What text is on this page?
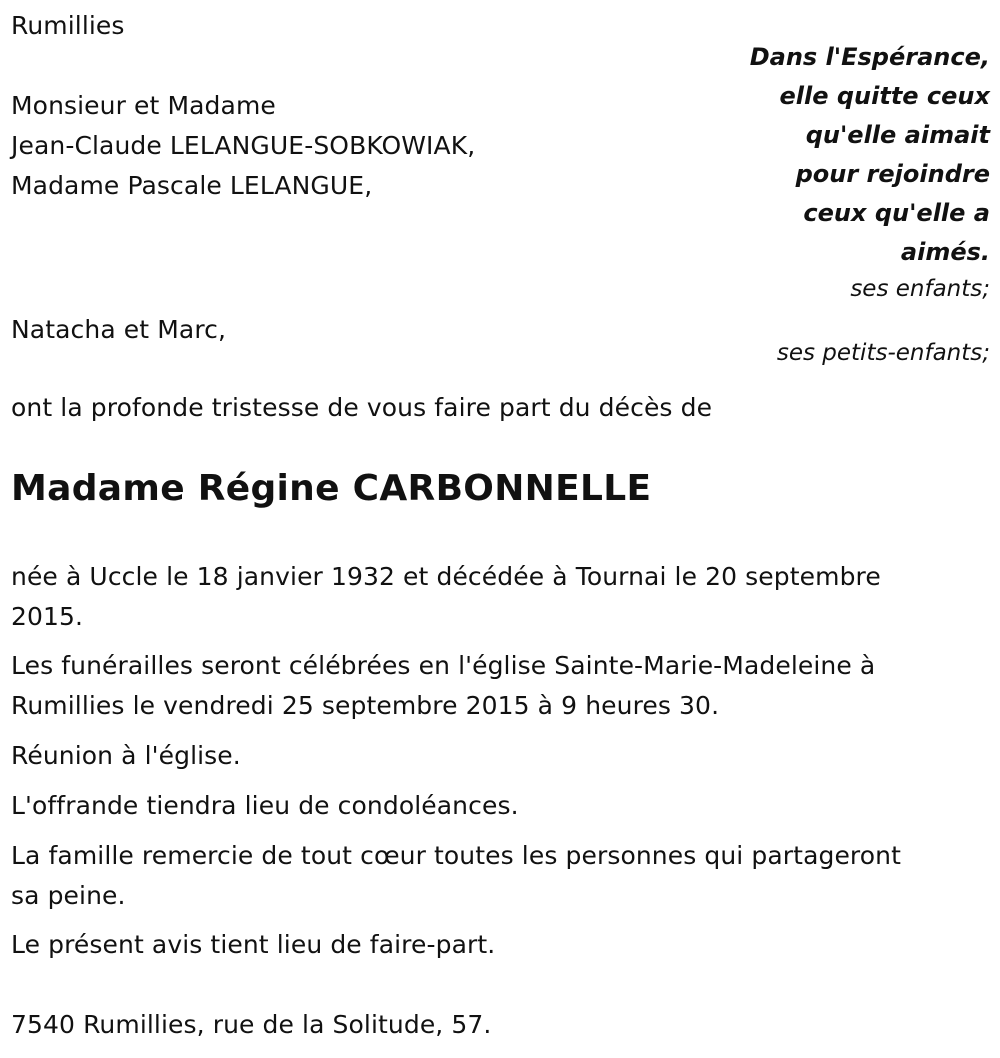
Rumillies
Dans l'Espérance,
elle quitte ceux
qu'elle aimait
pour rejoindre
ceux qu'elle a
aimés.
Monsieur et Madame
Jean-Claude LELANGUE-SOBKOWIAK,
Madame Pascale LELANGUE,
ses enfants;
Natacha et Marc,
ses petits-enfants;
ont la profonde tristesse de vous faire part du décès de
Madame Régine CARBONNELLE
née à Uccle le 18 janvier 1932 et décédée à Tournai le 20 septembre
2015.
Les funérailles seront célébrées en l'église Sainte-Marie-Madeleine à
Rumillies le vendredi 25 septembre 2015 à 9 heures 30.
Réunion à l'église.
L'offrande tiendra lieu de condoléances.
La famille remercie de tout cœur toutes les personnes qui partageront
sa peine.
Le présent avis tient lieu de faire-part.
7540 Rumillies, rue de la Solitude, 57.
